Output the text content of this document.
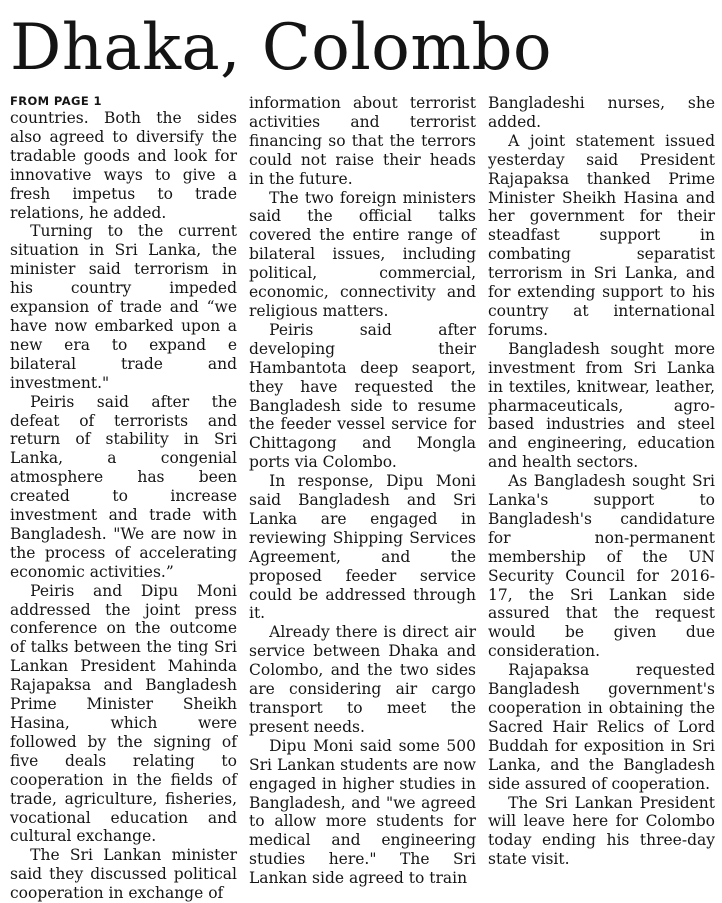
Dhaka, Colombo
FROM PAGE 1

countries. Both the sides also agreed to diversify the tradable goods and look for innovative ways to give a fresh impetus to trade relations, he added.

Turning to the current situation in Sri Lanka, the minister said terrorism in his country impeded expansion of trade and “we have now embarked upon a new era to expand e bilateral trade and investment."

Peiris said after the defeat of terrorists and return of stability in Sri Lanka, a congenial atmosphere has been created to increase investment and trade with Bangladesh. "We are now in the process of accelerating economic activities.”

Peiris and Dipu Moni addressed the joint press conference on the outcome of talks between the ting Sri Lankan President Mahinda Rajapaksa and Bangladesh Prime Minister Sheikh Hasina, which were followed by the signing of five deals relating to cooperation in the fields of trade, agriculture, fisheries, vocational education and cultural exchange.

The Sri Lankan minister said they discussed political cooperation in exchange of

information about terrorist activities and terrorist financing so that the terrors could not raise their heads in the future.

The two foreign ministers said the official talks covered the entire range of bilateral issues, including political, commercial, economic, connectivity and religious matters.

Peiris said after developing their Hambantota deep seaport, they have requested the Bangladesh side to resume the feeder vessel service for Chittagong and Mongla ports via Colombo.

In response, Dipu Moni said Bangladesh and Sri Lanka are engaged in reviewing Shipping Services Agreement, and the proposed feeder service could be addressed through it.

Already there is direct air service between Dhaka and Colombo, and the two sides are considering air cargo transport to meet the present needs.

Dipu Moni said some 500 Sri Lankan students are now engaged in higher studies in Bangladesh, and "we agreed to allow more students for medical and engineering studies here." The Sri Lankan side agreed to train

Bangladeshi nurses, she added.

A joint statement issued yesterday said President Rajapaksa thanked Prime Minister Sheikh Hasina and her government for their steadfast support in combating separatist terrorism in Sri Lanka, and for extending support to his country at international forums.

Bangladesh sought more investment from Sri Lanka in textiles, knitwear, leather, pharmaceuticals, agro-based industries and steel and engineering, education and health sectors.

As Bangladesh sought Sri Lanka's support to Bangladesh's candidature for non-permanent membership of the UN Security Council for 2016-17, the Sri Lankan side assured that the request would be given due consideration.

Rajapaksa requested Bangladesh government's cooperation in obtaining the Sacred Hair Relics of Lord Buddah for exposition in Sri Lanka, and the Bangladesh side assured of cooperation.

The Sri Lankan President will leave here for Colombo today ending his three-day state visit.
